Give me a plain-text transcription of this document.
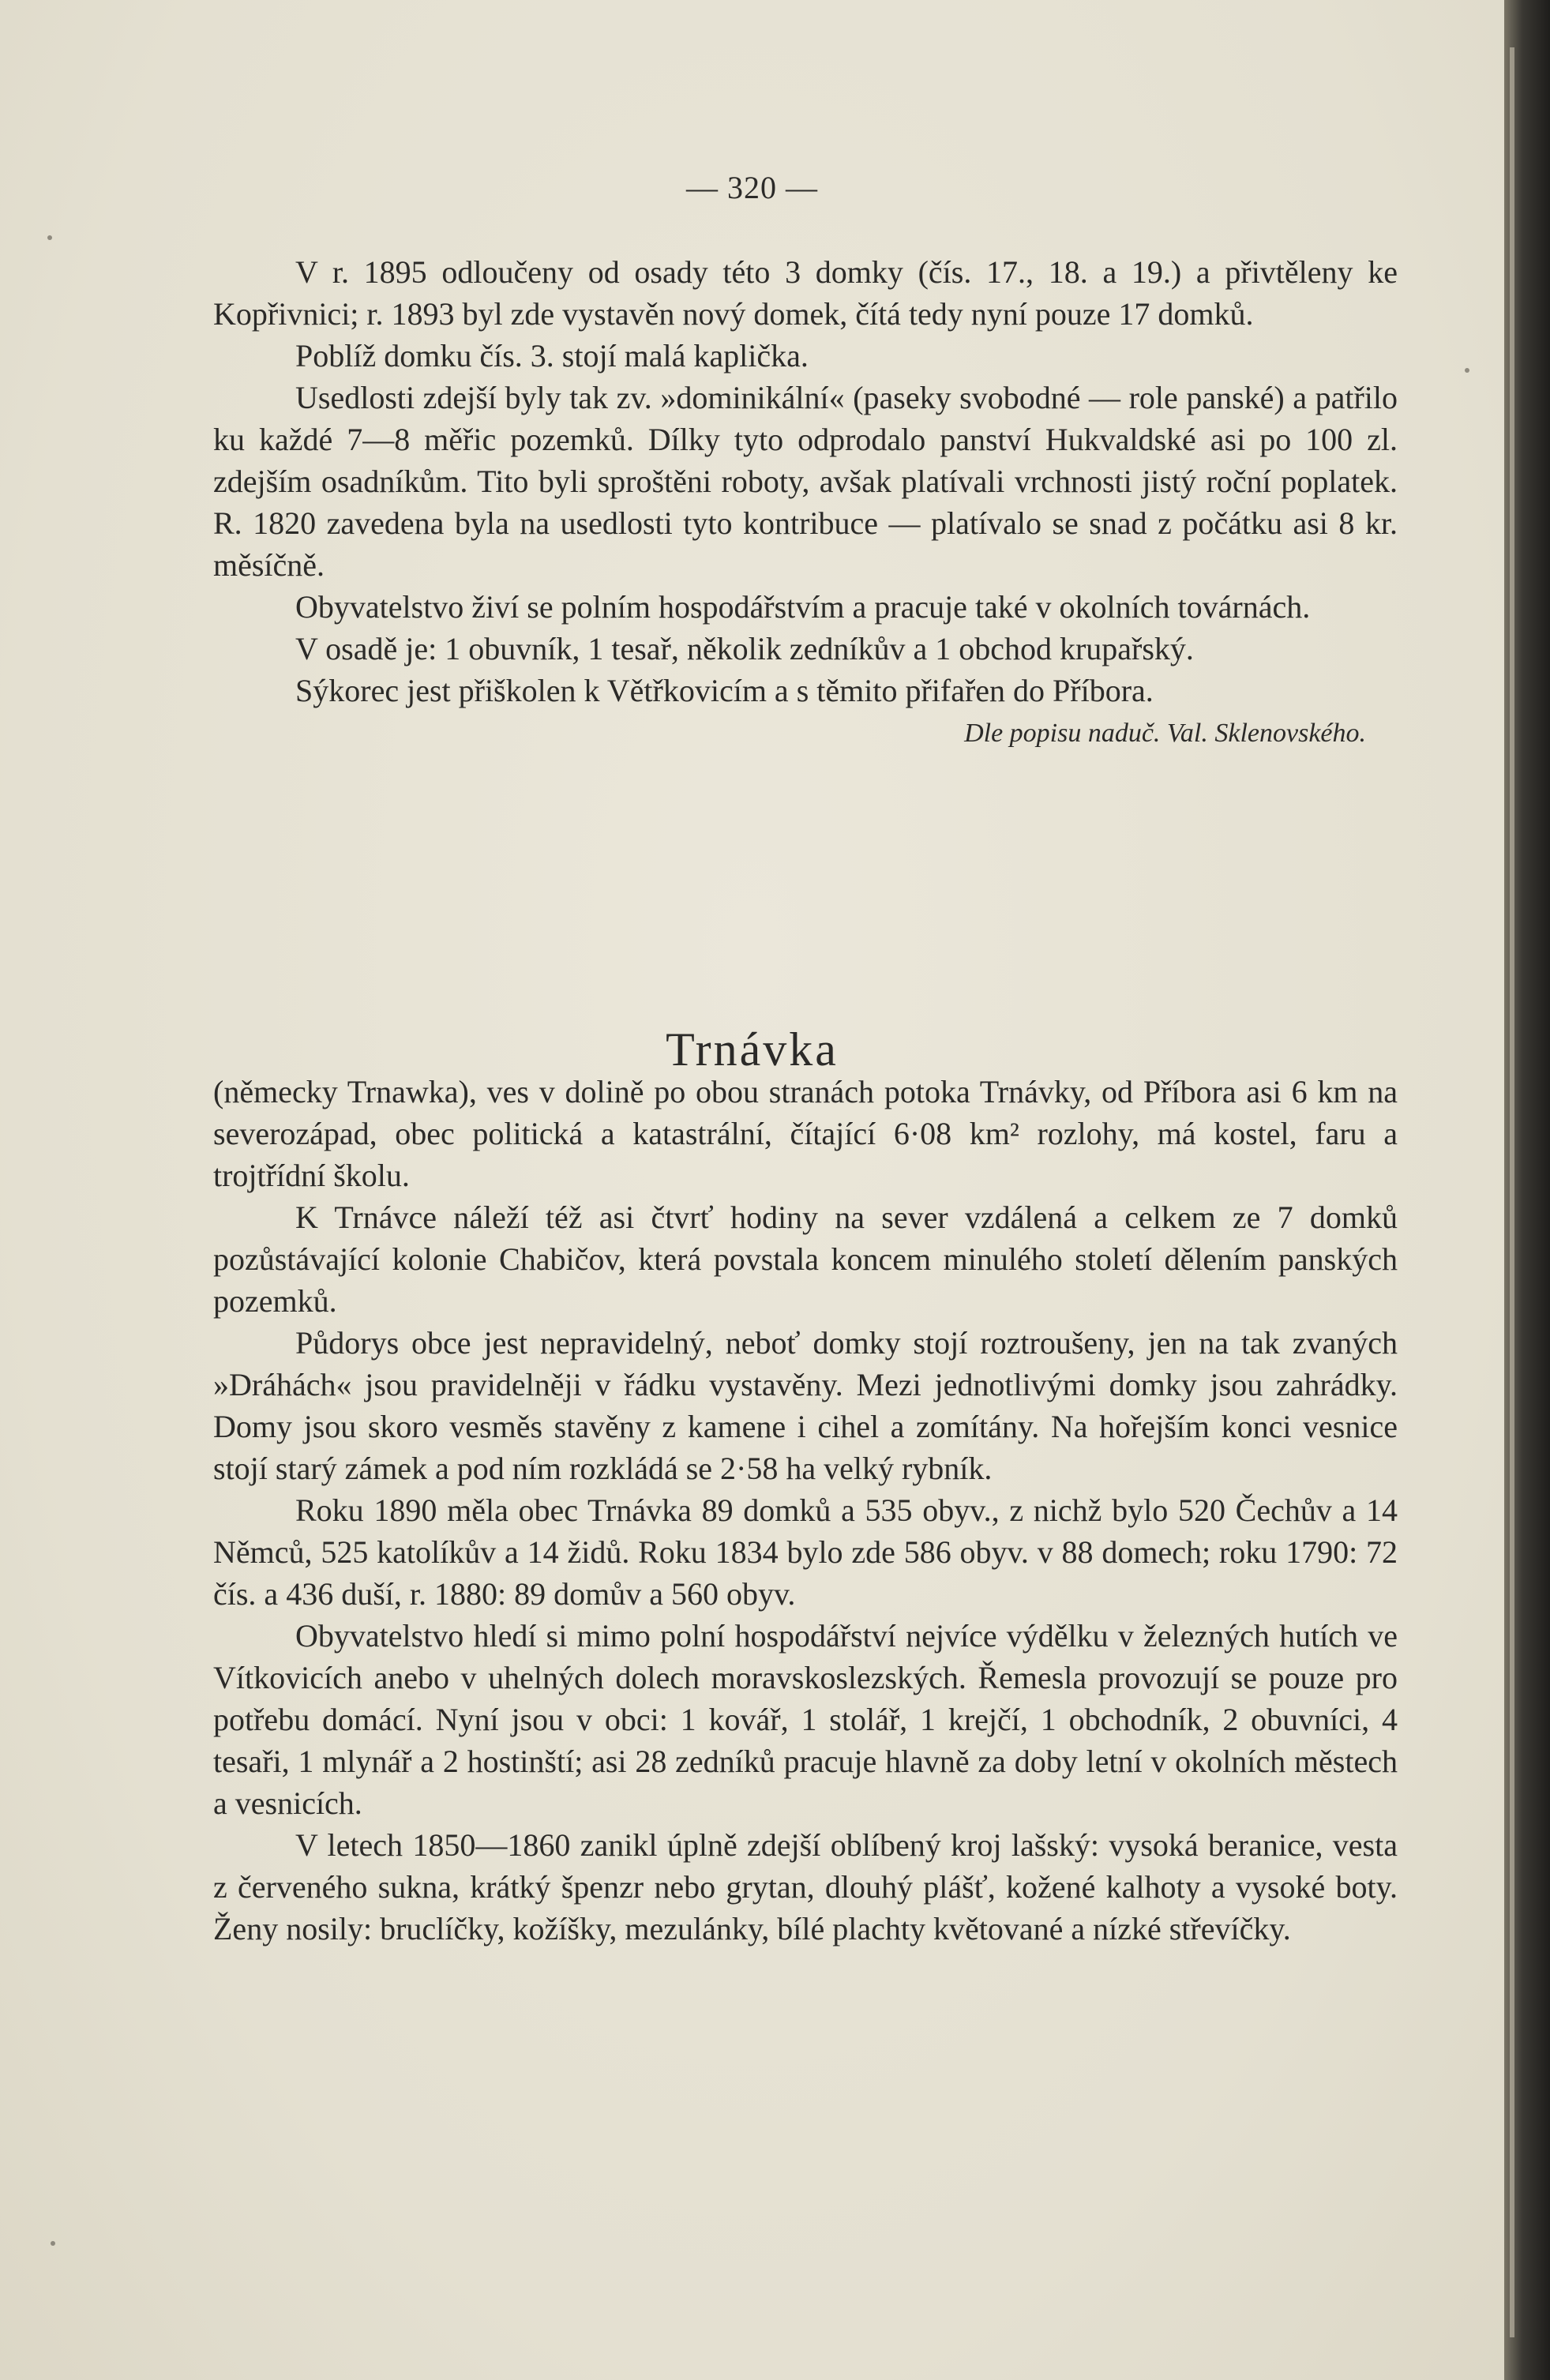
— 320 —

V r. 1895 odloučeny od osady této 3 domky (čís. 17., 18. a 19.) a přivtěleny ke Kopřivnici; r. 1893 byl zde vystavěn nový domek, čítá tedy nyní pouze 17 domků.

Poblíž domku čís. 3. stojí malá kaplička.

Usedlosti zdejší byly tak zv. »dominikální« (paseky svobodné — role panské) a patřilo ku každé 7—8 měřic pozemků. Dílky tyto odprodalo panství Hukvaldské asi po 100 zl. zdejším osadníkům. Tito byli sproštěni roboty, avšak platívali vrchnosti jistý roční poplatek. R. 1820 zavedena byla na usedlosti tyto kontribuce — platívalo se snad z počátku asi 8 kr. měsíčně.

Obyvatelstvo živí se polním hospodářstvím a pracuje také v okolních továrnách.

V osadě je: 1 obuvník, 1 tesař, několik zedníkův a 1 obchod krupařský.

Sýkorec jest přiškolen k Větřkovicím a s těmito přifařen do Příbora.

Dle popisu naduč. Val. Sklenovského.

Trnávka

(německy Trnawka), ves v dolině po obou stranách potoka Trnávky, od Příbora asi 6 km na severozápad, obec politická a katastrální, čítající 6·08 km² rozlohy, má kostel, faru a trojtřídní školu.

K Trnávce náleží též asi čtvrť hodiny na sever vzdálená a celkem ze 7 domků pozůstávající kolonie Chabičov, která povstala koncem minulého století dělením panských pozemků.

Půdorys obce jest nepravidelný, neboť domky stojí roztroušeny, jen na tak zvaných »Dráhách« jsou pravidelněji v řádku vystavěny. Mezi jednotlivými domky jsou zahrádky. Domy jsou skoro vesměs stavěny z kamene i cihel a zomítány. Na hořejším konci vesnice stojí starý zámek a pod ním rozkládá se 2·58 ha velký rybník.

Roku 1890 měla obec Trnávka 89 domků a 535 obyv., z nichž bylo 520 Čechův a 14 Němců, 525 katolíkův a 14 židů. Roku 1834 bylo zde 586 obyv. v 88 domech; roku 1790: 72 čís. a 436 duší, r. 1880: 89 domův a 560 obyv.

Obyvatelstvo hledí si mimo polní hospodářství nejvíce výdělku v železných hutích ve Vítkovicích anebo v uhelných dolech moravskoslezských. Řemesla provozují se pouze pro potřebu domácí. Nyní jsou v obci: 1 kovář, 1 stolář, 1 krejčí, 1 obchodník, 2 obuvníci, 4 tesaři, 1 mlynář a 2 hostinští; asi 28 zedníků pracuje hlavně za doby letní v okolních městech a vesnicích.

V letech 1850—1860 zanikl úplně zdejší oblíbený kroj lašský: vysoká beranice, vesta z červeného sukna, krátký špenzr nebo grytan, dlouhý plášť, kožené kalhoty a vysoké boty. Ženy nosily: bruclíčky, kožíšky, mezulánky, bílé plachty květované a nízké střevíčky.
